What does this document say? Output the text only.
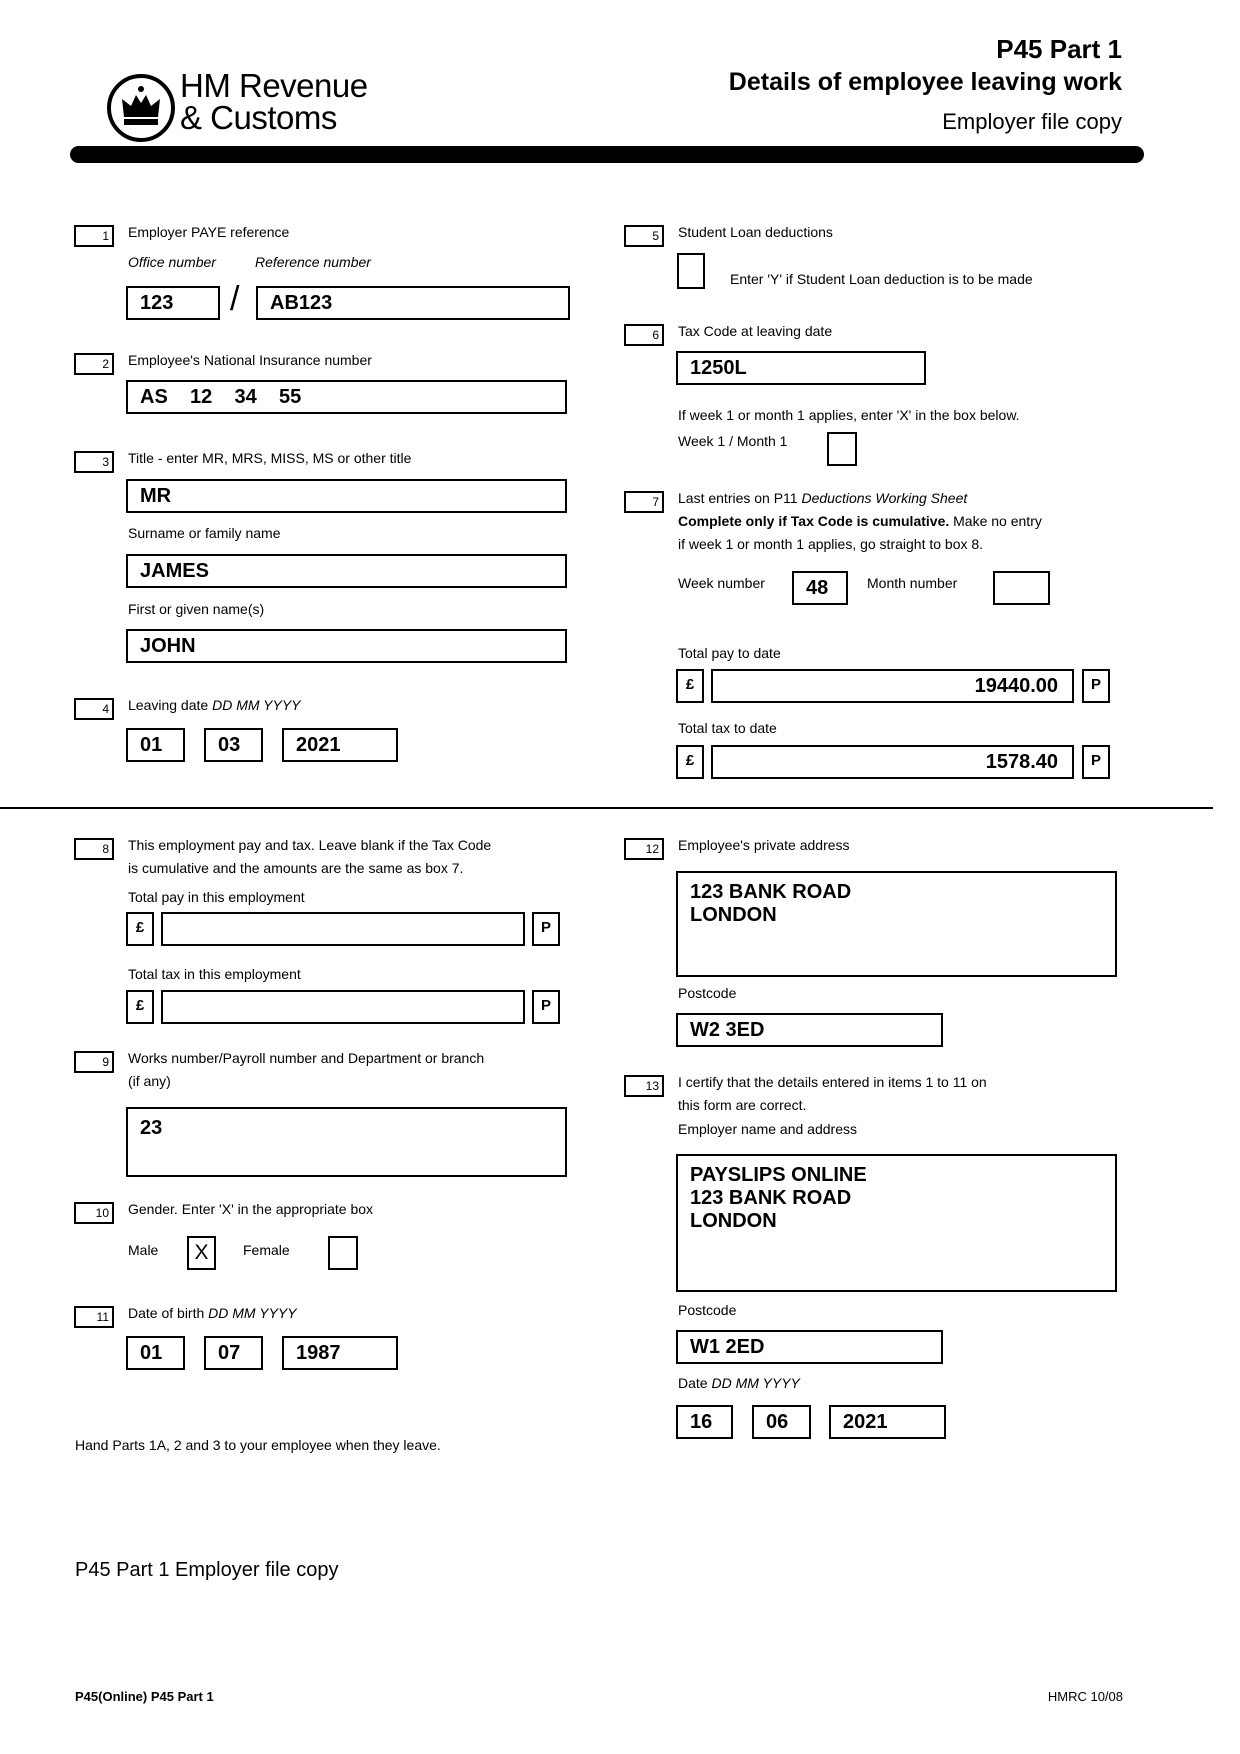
HM Revenue
& Customs
P45 Part 1
Details of employee leaving work
Employer file copy
1	Employer PAYE reference
Office number	Reference number
123	/	AB123
2	Employee's National Insurance number
AS    12    34    55
3	Title - enter MR, MRS, MISS, MS or other title
MR
Surname or family name
JAMES
First or given name(s)
JOHN
4	Leaving date DD MM YYYY
01	03	2021
5	Student Loan deductions
Enter 'Y' if Student Loan deduction is to be made
6	Tax Code at leaving date
1250L
If week 1 or month 1 applies, enter 'X' in the box below.
Week 1 / Month 1
7	Last entries on P11 Deductions Working Sheet
Complete only if Tax Code is cumulative. Make no entry
if week 1 or month 1 applies, go straight to box 8.
Week number	48	Month number
Total pay to date
£	19440.00	P
Total tax to date
£	1578.40	P
8	This employment pay and tax. Leave blank if the Tax Code
is cumulative and the amounts are the same as box 7.
Total pay in this employment
£	P
Total tax in this employment
£	P
9	Works number/Payroll number and Department or branch
(if any)
23
10	Gender. Enter 'X' in the appropriate box
Male	X	Female
11	Date of birth DD MM YYYY
01	07	1987
Hand Parts 1A, 2 and 3 to your employee when they leave.
12	Employee's private address
123 BANK ROAD
LONDON
Postcode
W2 3ED
13	I certify that the details entered in items 1 to 11 on
this form are correct.
Employer name and address
PAYSLIPS ONLINE
123 BANK ROAD
LONDON
Postcode
W1 2ED
Date DD MM YYYY
16	06	2021
P45 Part 1 Employer file copy
P45(Online) P45 Part 1	HMRC 10/08
